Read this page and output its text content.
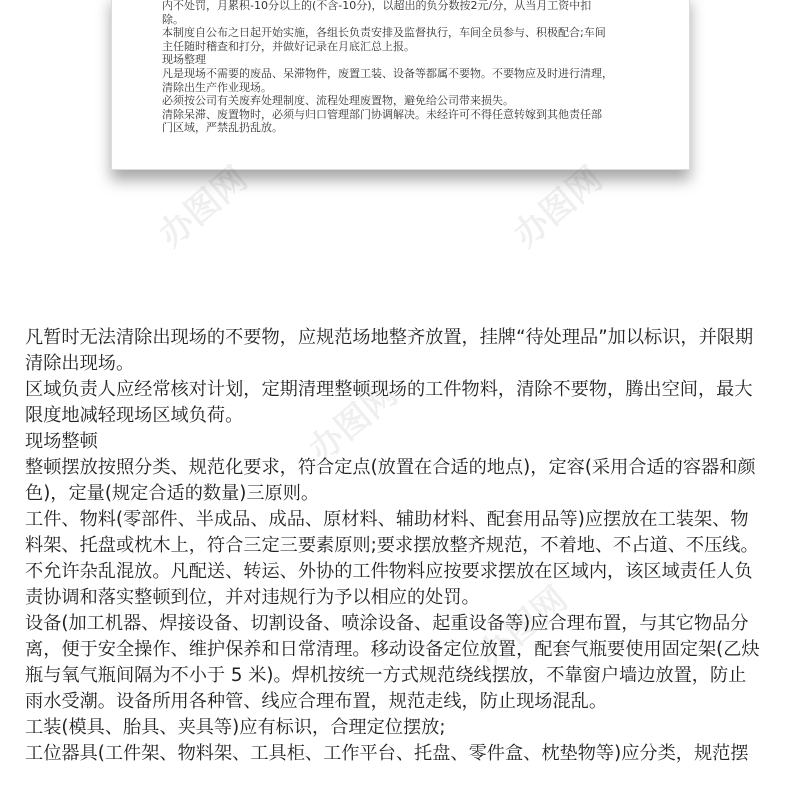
内不处罚，月累积-10分以上的(不含-10分)，以超出的负分数按2元/分，从当月工资中扣
除。
本制度自公布之日起开始实施，各组长负责安排及监督执行，车间全员参与、积极配合;车间
主任随时稽查和打分，并做好记录在月底汇总上报。
现场整理
凡是现场不需要的废品、呆滞物件，废置工装、设备等都属不要物。不要物应及时进行清理，
清除出生产作业现场。
必须按公司有关废弃处理制度、流程处理废置物，避免给公司带来损失。
清除呆滞、废置物时，必须与归口管理部门协调解决。未经许可不得任意转嫁到其他责任部
门区域，严禁乱扔乱放。
办图网	办图网
办图网
办图网

凡暂时无法清除出现场的不要物，应规范场地整齐放置，挂牌“待处理品”加以标识，并限期

清除出现场。

区域负责人应经常核对计划，定期清理整顿现场的工件物料，清除不要物，腾出空间，最大

限度地减轻现场区域负荷。

现场整顿

整顿摆放按照分类、规范化要求，符合定点(放置在合适的地点)，定容(采用合适的容器和颜

色)，定量(规定合适的数量)三原则。

工件、物料(零部件、半成品、成品、原材料、辅助材料、配套用品等)应摆放在工装架、物

料架、托盘或枕木上，符合三定三要素原则;要求摆放整齐规范，不着地、不占道、不压线。

不允许杂乱混放。凡配送、转运、外协的工件物料应按要求摆放在区域内，该区域责任人负

责协调和落实整顿到位，并对违规行为予以相应的处罚。

设备(加工机器、焊接设备、切割设备、喷涂设备、起重设备等)应合理布置，与其它物品分

离，便于安全操作、维护保养和日常清理。移动设备定位放置，配套气瓶要使用固定架(乙炔

瓶与氧气瓶间隔为不小于 5 米)。焊机按统一方式规范绕线摆放，不靠窗户墙边放置，防止

雨水受潮。设备所用各种管、线应合理布置，规范走线，防止现场混乱。

工装(模具、胎具、夹具等)应有标识，合理定位摆放;

工位器具(工件架、物料架、工具柜、工作平台、托盘、零件盒、枕垫物等)应分类，规范摆
